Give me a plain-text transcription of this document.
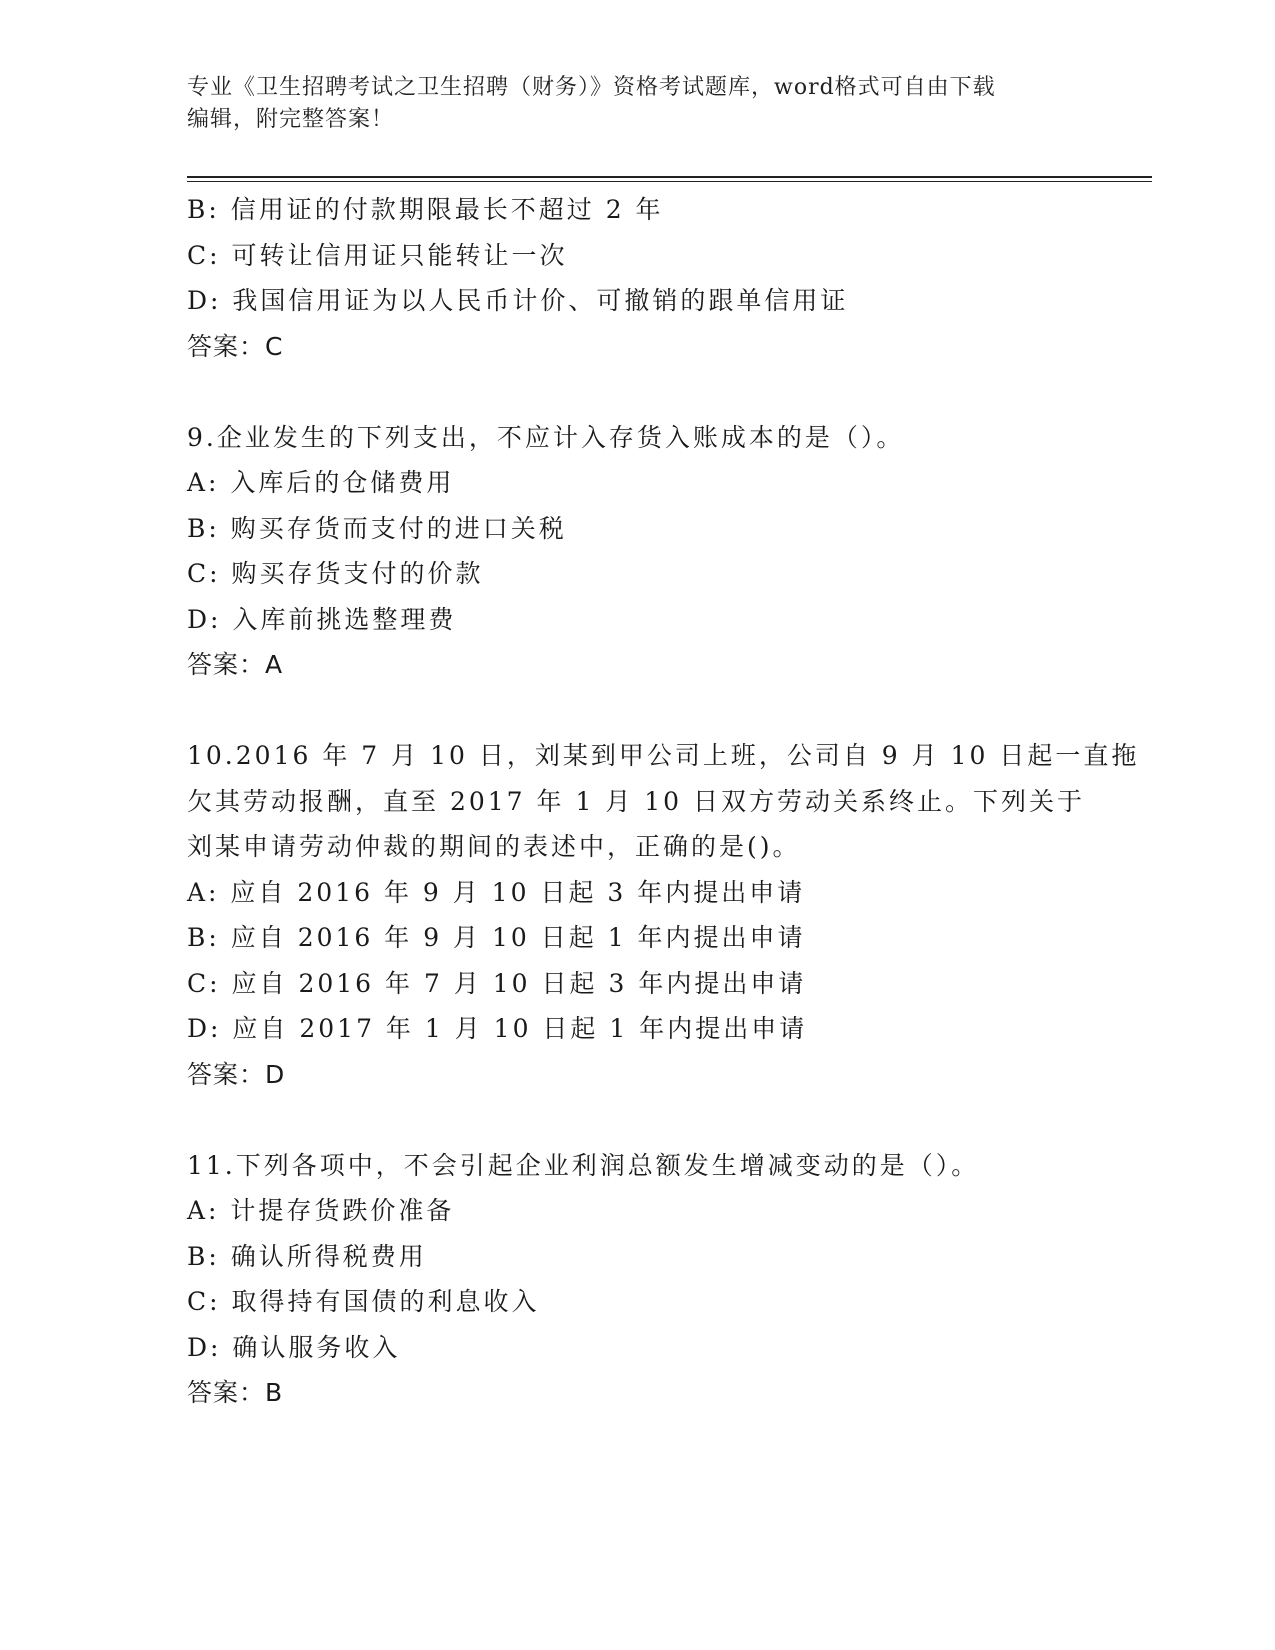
专业《卫生招聘考试之卫生招聘（财务）》资格考试题库，word格式可自由下载
编辑，附完整答案！
B: 信用证的付款期限最长不超过 2 年
C: 可转让信用证只能转让一次
D: 我国信用证为以人民币计价、可撤销的跟单信用证
答案：C
9.企业发生的下列支出，不应计入存货入账成本的是（）。
A: 入库后的仓储费用
B: 购买存货而支付的进口关税
C: 购买存货支付的价款
D: 入库前挑选整理费
答案：A
10.2016 年 7 月 10 日，刘某到甲公司上班，公司自 9 月 10 日起一直拖
欠其劳动报酬，直至 2017 年 1 月 10 日双方劳动关系终止。下列关于
刘某申请劳动仲裁的期间的表述中，正确的是()。
A: 应自 2016 年 9 月 10 日起 3 年内提出申请
B: 应自 2016 年 9 月 10 日起 1 年内提出申请
C: 应自 2016 年 7 月 10 日起 3 年内提出申请
D: 应自 2017 年 1 月 10 日起 1 年内提出申请
答案：D
11.下列各项中，不会引起企业利润总额发生增减变动的是（）。
A: 计提存货跌价准备
B: 确认所得税费用
C: 取得持有国债的利息收入
D: 确认服务收入
答案：B
